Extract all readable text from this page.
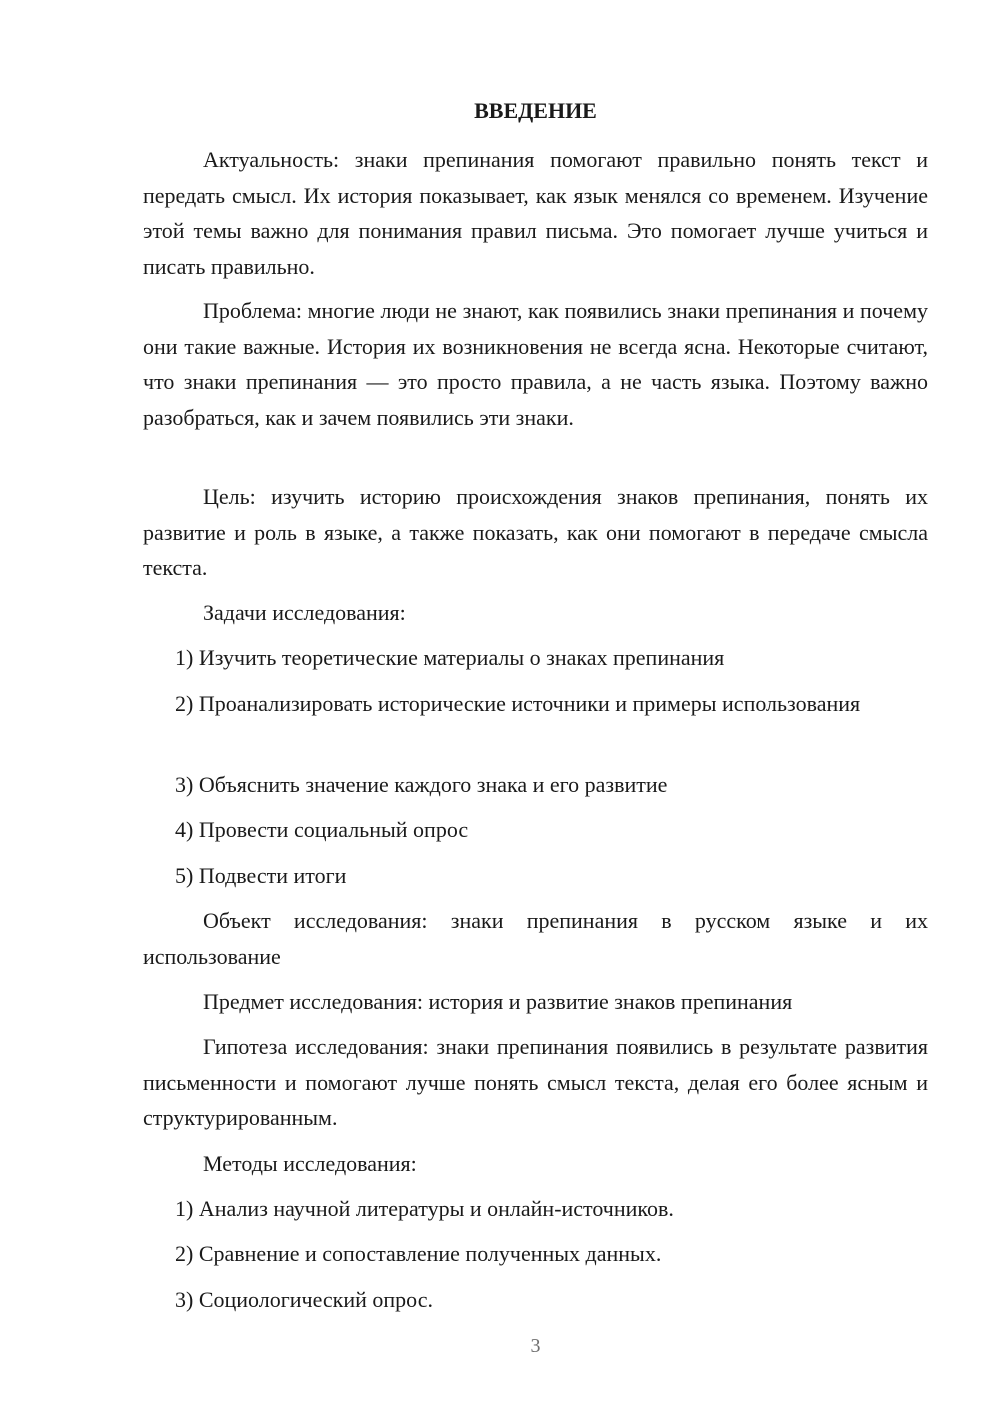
ВВЕДЕНИЕ

Актуальность: знаки препинания помогают правильно понять текст и передать смысл. Их история показывает, как язык менялся со временем. Изучение этой темы важно для понимания правил письма. Это помогает лучше учиться и писать правильно.

Проблема: многие люди не знают, как появились знаки препинания и почему они такие важные. История их возникновения не всегда ясна. Некоторые считают, что знаки препинания — это просто правила, а не часть языка. Поэтому важно разобраться, как и зачем появились эти знаки.

Цель: изучить историю происхождения знаков препинания, понять их развитие и роль в языке, а также показать, как они помогают в передаче смысла текста.

Задачи исследования:

1) Изучить теоретические материалы о знаках препинания

2) Проанализировать исторические источники и примеры использования

3) Объяснить значение каждого знака и его развитие

4) Провести социальный опрос

5) Подвести итоги

Объект исследования: знаки препинания в русском языке и их использование

Предмет исследования: история и развитие знаков препинания

Гипотеза исследования: знаки препинания появились в результате развития письменности и помогают лучше понять смысл текста, делая его более ясным и структурированным.

Методы исследования:

1) Анализ научной литературы и онлайн-источников.

2) Сравнение и сопоставление полученных данных.

3) Социологический опрос.

3
